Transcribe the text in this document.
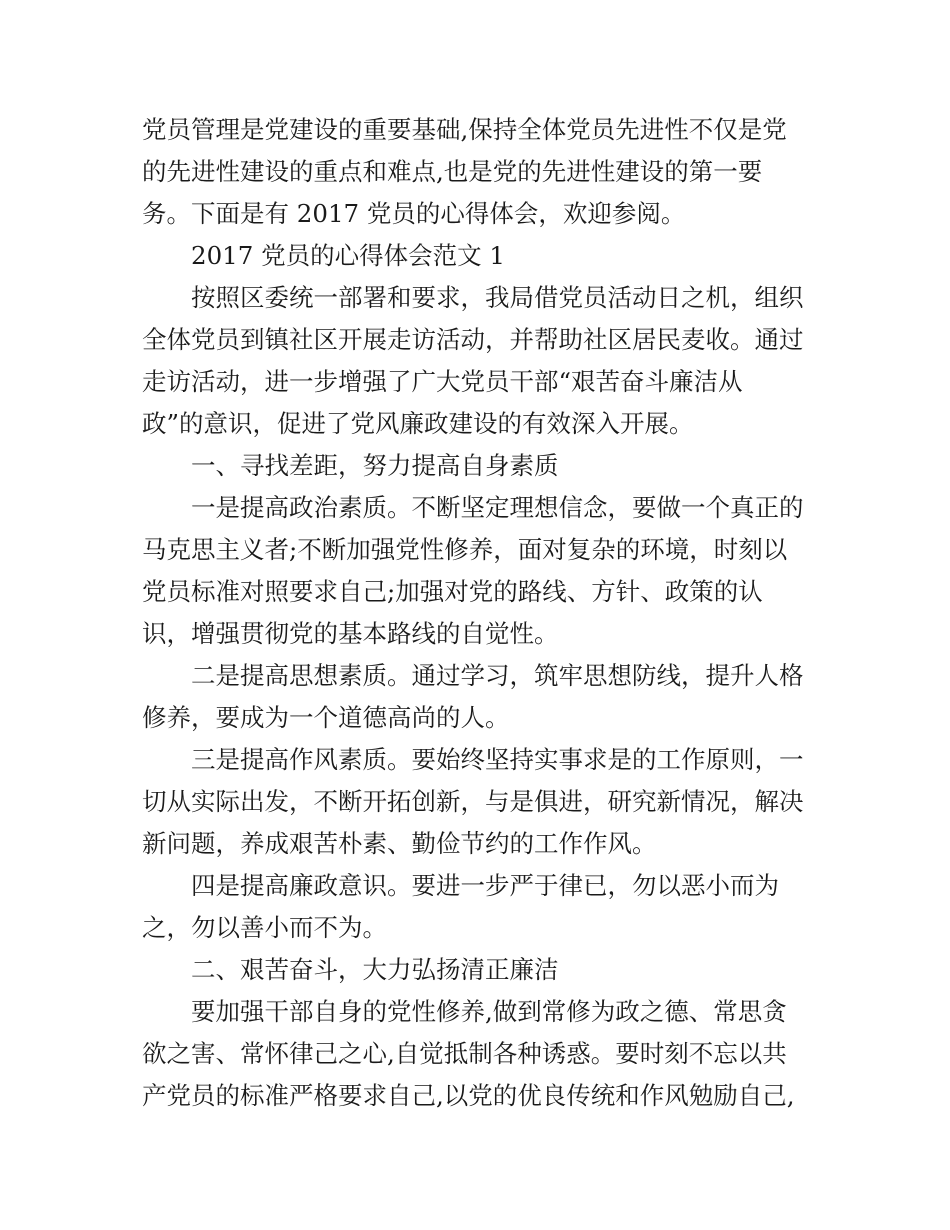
党员管理是党建设的重要基础,保持全体党员先进性不仅是党
的先进性建设的重点和难点,也是党的先进性建设的第一要
务。下面是有 2017 党员的心得体会，欢迎参阅。
2017 党员的心得体会范文 1
按照区委统一部署和要求，我局借党员活动日之机，组织
全体党员到镇社区开展走访活动，并帮助社区居民麦收。通过
走访活动，进一步增强了广大党员干部“艰苦奋斗廉洁从
政”的意识，促进了党风廉政建设的有效深入开展。
一、寻找差距，努力提高自身素质
一是提高政治素质。不断坚定理想信念，要做一个真正的
马克思主义者;不断加强党性修养，面对复杂的环境，时刻以
党员标准对照要求自己;加强对党的路线、方针、政策的认
识，增强贯彻党的基本路线的自觉性。
二是提高思想素质。通过学习，筑牢思想防线，提升人格
修养，要成为一个道德高尚的人。
三是提高作风素质。要始终坚持实事求是的工作原则，一
切从实际出发，不断开拓创新，与是俱进，研究新情况，解决
新问题，养成艰苦朴素、勤俭节约的工作作风。
四是提高廉政意识。要进一步严于律已，勿以恶小而为
之，勿以善小而不为。
二、艰苦奋斗，大力弘扬清正廉洁
要加强干部自身的党性修养,做到常修为政之德、常思贪
欲之害、常怀律己之心,自觉抵制各种诱惑。要时刻不忘以共
产党员的标准严格要求自己,以党的优良传统和作风勉励自己,
